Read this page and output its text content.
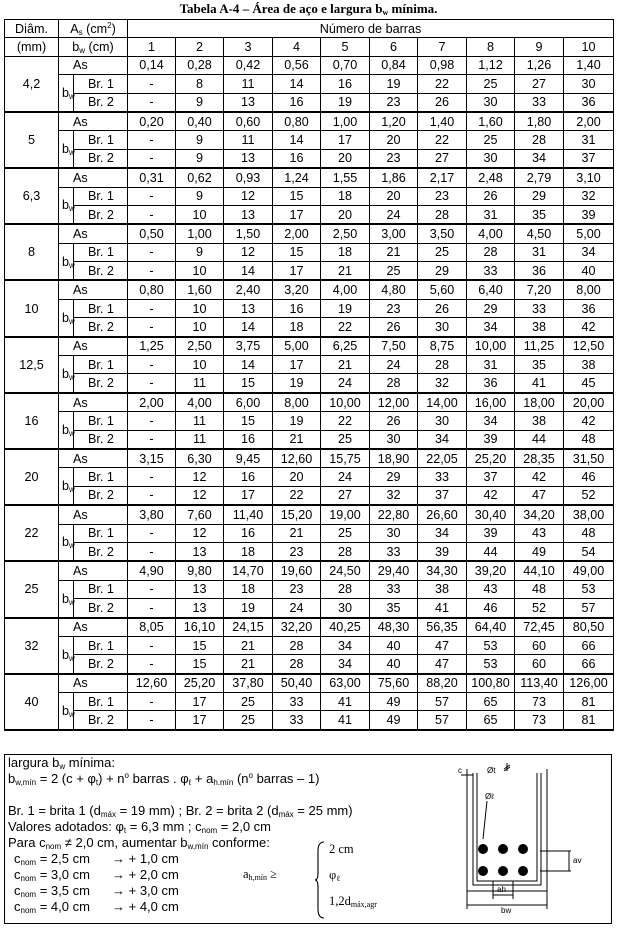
Tabela A-4 – Área de aço e largura $b_w$ mínima.
Diâm.	$A_s$ $(cm^2)$		Número de barras									
(mm)	$b_w$ (cm)		1	2	3	4	5	6	7	8	9	10
4,2	As		0,14	0,28	0,42	0,56	0,70	0,84	0,98	1,12	1,26	1,40
	$b_w$	Br. 1	-	8	11	14	16	19	22	25	27	30
		Br. 2	-	9	13	16	19	23	26	30	33	36
5	As		0,20	0,40	0,60	0,80	1,00	1,20	1,40	1,60	1,80	2,00
	$b_w$	Br. 1	-	9	11	14	17	20	22	25	28	31
		Br. 2	-	9	13	16	20	23	27	30	34	37
6,3	As		0,31	0,62	0,93	1,24	1,55	1,86	2,17	2,48	2,79	3,10
	$b_w$	Br. 1	-	9	12	15	18	20	23	26	29	32
		Br. 2	-	10	13	17	20	24	28	31	35	39
8	As		0,50	1,00	1,50	2,00	2,50	3,00	3,50	4,00	4,50	5,00
	$b_w$	Br. 1	-	9	12	15	18	21	25	28	31	34
		Br. 2	-	10	14	17	21	25	29	33	36	40
10	As		0,80	1,60	2,40	3,20	4,00	4,80	5,60	6,40	7,20	8,00
	$b_w$	Br. 1	-	10	13	16	19	23	26	29	33	36
		Br. 2	-	10	14	18	22	26	30	34	38	42
12,5	As		1,25	2,50	3,75	5,00	6,25	7,50	8,75	10,00	11,25	12,50
	$b_w$	Br. 1	-	10	14	17	21	24	28	31	35	38
		Br. 2	-	11	15	19	24	28	32	36	41	45
16	As		2,00	4,00	6,00	8,00	10,00	12,00	14,00	16,00	18,00	20,00
	$b_w$	Br. 1	-	11	15	19	22	26	30	34	38	42
		Br. 2	-	11	16	21	25	30	34	39	44	48
20	As		3,15	6,30	9,45	12,60	15,75	18,90	22,05	25,20	28,35	31,50
	$b_w$	Br. 1	-	12	16	20	24	29	33	37	42	46
		Br. 2	-	12	17	22	27	32	37	42	47	52
22	As		3,80	7,60	11,40	15,20	19,00	22,80	26,60	30,40	34,20	38,00
	$b_w$	Br. 1	-	12	16	21	25	30	34	39	43	48
		Br. 2	-	13	18	23	28	33	39	44	49	54
25	As		4,90	9,80	14,70	19,60	24,50	29,40	34,30	39,20	44,10	49,00
	$b_w$	Br. 1	-	13	18	23	28	33	38	43	48	53
		Br. 2	-	13	19	24	30	35	41	46	52	57
32	As		8,05	16,10	24,15	32,20	40,25	48,30	56,35	64,40	72,45	80,50
	$b_w$	Br. 1	-	15	21	28	34	40	47	53	60	66
		Br. 2	-	15	21	28	34	40	47	53	60	66
40	As		12,60	25,20	37,80	50,40	63,00	75,60	88,20	100,80	113,40	126,00
	$b_w$	Br. 1	-	17	25	33	41	49	57	65	73	81
		Br. 2	-	17	25	33	41	49	57	65	73	81
largura $b_w$ mínima:
$b_{w,mín} = 2$ $(c + \varphi_t) + n^o$ barras . $\varphi_\ell + a_{h.mín}$ ($n^o$ barras – 1)
Br. 1 = brita 1 ($d_{máx} = 19$ mm) ; Br. 2 = brita 2 ($d_{máx} = 25$ mm)
Valores adotados: $\varphi_t = 6,3$ mm ; $c_{nom} = 2,0$ cm
Para $c_{nom} \ne 2,0$ cm, aumentar $b_{w,mín}$ conforme:
$c_{nom} = 2,5$ cm → + 1,0 cm
$c_{nom} = 3,0$ cm → + 2,0 cm
$c_{nom} = 3,5$ cm → + 3,0 cm
$c_{nom} = 4,0$ cm → + 4,0 cm
$a_{h,mín}$ ≥
2 cm
$\varphi_\ell$
$1,2d_{máx,agr}$
c	Øt
Øℓ
av
ah
bw
